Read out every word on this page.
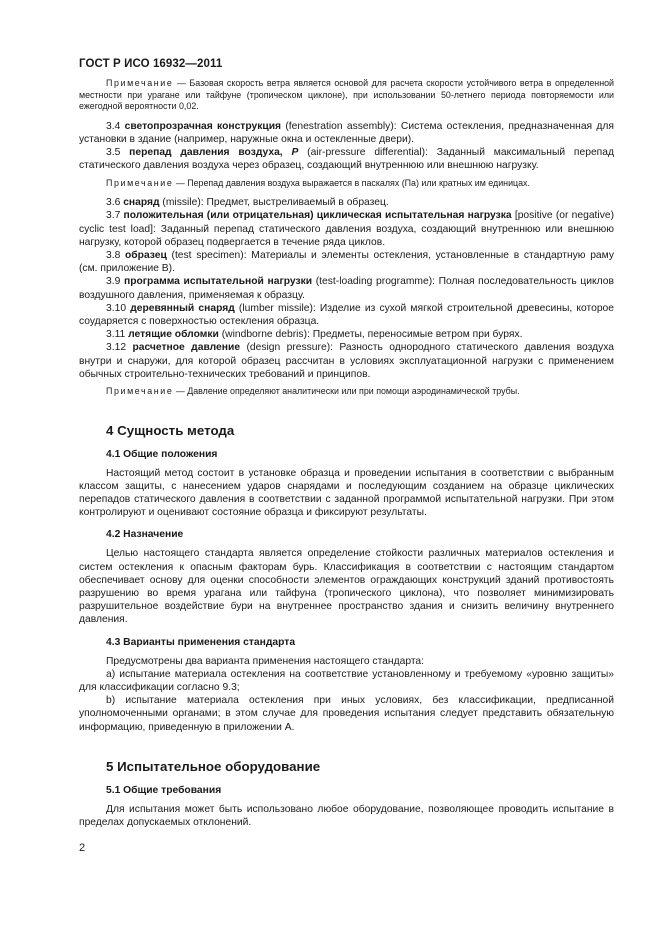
ГОСТ Р ИСО 16932—2011

Примечание — Базовая скорость ветра является основой для расчета скорости устойчивого ветра в определенной местности при урагане или тайфуне (тропическом циклоне), при использовании 50-летнего периода повторяемости или ежегодной вероятности 0,02.

3.4 светопрозрачная конструкция (fenestration assembly): Система остекления, предназначенная для установки в здание (например, наружные окна и остекленные двери).

3.5 перепад давления воздуха, P (air-pressure differential): Заданный максимальный перепад статического давления воздуха через образец, создающий внутреннюю или внешнюю нагрузку.

Примечание — Перепад давления воздуха выражается в паскалях (Па) или кратных им единицах.

3.6 снаряд (missile): Предмет, выстреливаемый в образец.

3.7 положительная (или отрицательная) циклическая испытательная нагрузка [positive (or negative) cyclic test load]: Заданный перепад статического давления воздуха, создающий внутреннюю или внешнюю нагрузку, которой образец подвергается в течение ряда циклов.

3.8 образец (test specimen): Материалы и элементы остекления, установленные в стандартную раму (см. приложение В).

3.9 программа испытательной нагрузки (test-loading programme): Полная последовательность циклов воздушного давления, применяемая к образцу.

3.10 деревянный снаряд (lumber missile): Изделие из сухой мягкой строительной древесины, которое соударяется с поверхностью остекления образца.

3.11 летящие обломки (windborne debris): Предметы, переносимые ветром при бурях.

3.12 расчетное давление (design pressure): Разность однородного статического давления воздуха внутри и снаружи, для которой образец рассчитан в условиях эксплуатационной нагрузки с применением обычных строительно-технических требований и принципов.

Примечание — Давление определяют аналитически или при помощи аэродинамической трубы.

4 Сущность метода
4.1 Общие положения

Настоящий метод состоит в установке образца и проведении испытания в соответствии с выбранным классом защиты, с нанесением ударов снарядами и последующим созданием на образце циклических перепадов статического давления в соответствии с заданной программой испытательной нагрузки. При этом контролируют и оценивают состояние образца и фиксируют результаты.

4.2 Назначение

Целью настоящего стандарта является определение стойкости различных материалов остекления и систем остекления к опасным факторам бурь. Классификация в соответствии с настоящим стандартом обеспечивает основу для оценки способности элементов ограждающих конструкций зданий противостоять разрушению во время урагана или тайфуна (тропического циклона), что позволяет минимизировать разрушительное воздействие бури на внутреннее пространство здания и снизить величину внутреннего давления.

4.3 Варианты применения стандарта

Предусмотрены два варианта применения настоящего стандарта:

а) испытание материала остекления на соответствие установленному и требуемому «уровню защиты» для классификации согласно 9.3;

b) испытание материала остекления при иных условиях, без классификации, предписанной уполномоченными органами; в этом случае для проведения испытания следует представить обязательную информацию, приведенную в приложении А.

5 Испытательное оборудование
5.1 Общие требования

Для испытания может быть использовано любое оборудование, позволяющее проводить испытание в пределах допускаемых отклонений.

2
